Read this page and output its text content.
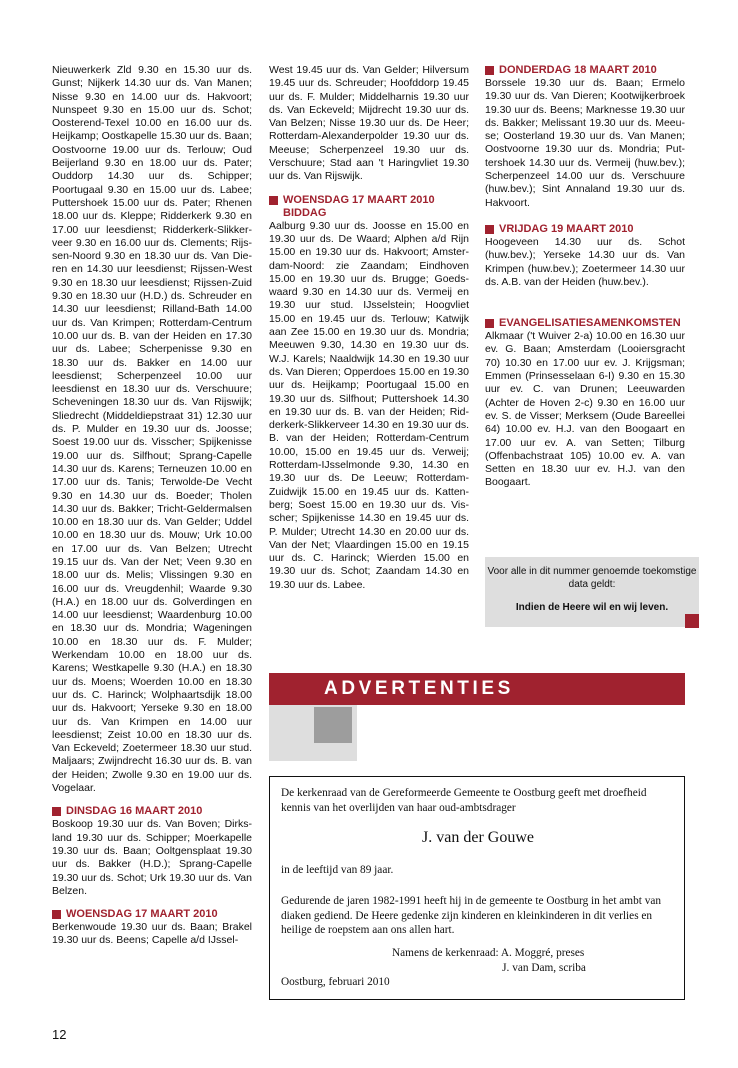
Nieuwerkerk Zld 9.30 en 15.30 uur ds. Gunst; Nijkerk 14.30 uur ds. Van Manen; Nisse 9.30 en 14.00 uur ds. Hakvoort; Nunspeet 9.30 en 15.00 uur ds. Schot; Oosterend-Texel 10.00 en 16.00 uur ds. Heijkamp; Oostkapelle 15.30 uur ds. Baan; Oostvoorne 19.00 uur ds. Terlouw; Oud Beijerland 9.30 en 18.00 uur ds. Pater; Ouddorp 14.30 uur ds. Schipper; Poortugaal 9.30 en 15.00 uur ds. Labee; Puttershoek 15.00 uur ds. Pater; Rhenen 18.00 uur ds. Kleppe; Ridderkerk 9.30 en 17.00 uur leesdienst; Ridderkerk-Slikkerveer 9.30 en 16.00 uur ds. Clements; Rijssen-Noord 9.30 en 18.30 uur ds. Van Dieren en 14.30 uur leesdienst; Rijssen-West 9.30 en 18.30 uur leesdienst; Rijssen-Zuid 9.30 en 18.30 uur (H.D.) ds. Schreuder en 14.30 uur leesdienst; Rilland-Bath 14.00 uur ds. Van Krimpen; Rotterdam-Centrum 10.00 uur ds. B. van der Heiden en 17.30 uur ds. Labee; Scherpenisse 9.30 en 18.30 uur ds. Bakker en 14.00 uur leesdienst; Scherpenzeel 10.00 uur leesdienst en 18.30 uur ds. Verschuure; Scheveningen 18.30 uur ds. Van Rijswijk; Sliedrecht (Middeldiepstraat 31) 12.30 uur ds. P. Mulder en 19.30 uur ds. Joosse; Soest 19.00 uur ds. Visscher; Spijkenisse 19.00 uur ds. Silfhout; Sprang-Capelle 14.30 uur ds. Karens; Terneuzen 10.00 en 17.00 uur ds. Tanis; Terwolde-De Vecht 9.30 en 14.30 uur ds. Boeder; Tholen 14.30 uur ds. Bakker; Tricht-Geldermalsen 10.00 en 18.30 uur ds. Van Gelder; Uddel 10.00 en 18.30 uur ds. Mouw; Urk 10.00 en 17.00 uur ds. Van Belzen; Utrecht 19.15 uur ds. Van der Net; Veen 9.30 en 18.00 uur ds. Melis; Vlissingen 9.30 en 16.00 uur ds. Vreugdenhil; Waarde 9.30 (H.A.) en 18.00 uur ds. Golverdingen en 14.00 uur leesdienst; Waardenburg 10.00 en 18.30 uur ds. Mondria; Wageningen 10.00 en 18.30 uur ds. F. Mulder; Werkendam 10.00 en 18.00 uur ds. Karens; Westkapelle 9.30 (H.A.) en 18.30 uur ds. Moens; Woerden 10.00 en 18.30 uur ds. C. Harinck; Wolphaartsdijk 18.00 uur ds. Hakvoort; Yerseke 9.30 en 18.00 uur ds. Van Krimpen en 14.00 uur leesdienst; Zeist 10.00 en 18.30 uur ds. Van Eckeveld; Zoetermeer 18.30 uur stud. Maljaars; Zwijndrecht 16.30 uur ds. B. van der Heiden; Zwolle 9.30 en 19.00 uur ds. Vogelaar.

DINSDAG 16 MAART 2010

Boskoop 19.30 uur ds. Van Boven; Dirksland 19.30 uur ds. Schipper; Moerkapelle 19.30 uur ds. Baan; Ooltgensplaat 19.30 uur ds. Bakker (H.D.); Sprang-Capelle 19.30 uur ds. Schot; Urk 19.30 uur ds. Van Belzen.

WOENSDAG 17 MAART 2010

Berkenwoude 19.30 uur ds. Baan; Brakel 19.30 uur ds. Beens; Capelle a/d IJssel-

West 19.45 uur ds. Van Gelder; Hilversum 19.45 uur ds. Schreuder; Hoofddorp 19.45 uur ds. F. Mulder; Middelharnis 19.30 uur ds. Van Eckeveld; Mijdrecht 19.30 uur ds. Van Belzen; Nisse 19.30 uur ds. De Heer; Rotterdam-Alexanderpolder 19.30 uur ds. Meeuse; Scherpenzeel 19.30 uur ds. Verschuure; Stad aan 't Haringvliet 19.30 uur ds. Van Rijswijk.

WOENSDAG 17 MAART 2010
BIDDAG

Aalburg 9.30 uur ds. Joosse en 15.00 en 19.30 uur ds. De Waard; Alphen a/d Rijn 15.00 en 19.30 uur ds. Hakvoort; Amsterdam-Noord: zie Zaandam; Eindhoven 15.00 en 19.30 uur ds. Brugge; Goedswaard 9.30 en 14.30 uur ds. Vermeij en 19.30 uur stud. IJsselstein; Hoogvliet 15.00 en 19.45 uur ds. Terlouw; Katwijk aan Zee 15.00 en 19.30 uur ds. Mondria; Meeuwen 9.30, 14.30 en 19.30 uur ds. W.J. Karels; Naaldwijk 14.30 en 19.30 uur ds. Van Dieren; Opperdoes 15.00 en 19.30 uur ds. Heijkamp; Poortugaal 15.00 en 19.30 uur ds. Silfhout; Puttershoek 14.30 en 19.30 uur ds. B. van der Heiden; Ridderkerk-Slikkerveer 14.30 en 19.30 uur ds. B. van der Heiden; Rotterdam-Centrum 10.00, 15.00 en 19.45 uur ds. Verweij; Rotterdam-IJsselmonde 9.30, 14.30 en 19.30 uur ds. De Leeuw; Rotterdam-Zuidwijk 15.00 en 19.45 uur ds. Kattenberg; Soest 15.00 en 19.30 uur ds. Visscher; Spijkenisse 14.30 en 19.45 uur ds. P. Mulder; Utrecht 14.30 en 20.00 uur ds. Van der Net; Vlaardingen 15.00 en 19.15 uur ds. C. Harinck; Wierden 15.00 en 19.30 uur ds. Schot; Zaandam 14.30 en 19.30 uur ds. Labee.

DONDERDAG 18 MAART 2010

Borssele 19.30 uur ds. Baan; Ermelo 19.30 uur ds. Van Dieren; Kootwijkerbroek 19.30 uur ds. Beens; Marknesse 19.30 uur ds. Bakker; Melissant 19.30 uur ds. Meeuse; Oosterland 19.30 uur ds. Van Manen; Oostvoorne 19.30 uur ds. Mondria; Puttershoek 14.30 uur ds. Vermeij (huw.bev.); Scherpenzeel 14.00 uur ds. Verschuure (huw.bev.); Sint Annaland 19.30 uur ds. Hakvoort.

VRIJDAG 19 MAART 2010

Hoogeveen 14.30 uur ds. Schot (huw.bev.); Yerseke 14.30 uur ds. Van Krimpen (huw.bev.); Zoetermeer 14.30 uur ds. A.B. van der Heiden (huw.bev.).

EVANGELISATIESAMENKOMSTEN

Alkmaar ('t Wuiver 2-a) 10.00 en 16.30 uur ev. G. Baan; Amsterdam (Looiersgracht 70) 10.30 en 17.00 uur ev. J. Krijgsman; Emmen (Prinsesselaan 6-I) 9.30 en 15.30 uur ev. C. van Drunen; Leeuwarden (Achter de Hoven 2-c) 9.30 en 16.00 uur ev. S. de Visser; Merksem (Oude Bareellei 64) 10.00 ev. H.J. van den Boogaart en 17.00 uur ev. A. van Setten; Tilburg (Offenbachstraat 105) 10.00 ev. A. van Setten en 18.30 uur ev. H.J. van den Boogaart.

Voor alle in dit nummer genoemde toekomstige data geldt:
Indien de Heere wil en wij leven.
ADVERTENTIES
De kerkenraad van de Gereformeerde Gemeente te Oostburg geeft met droefheid kennis van het overlijden van haar oud-ambtsdrager
J. van der Gouwe
in de leeftijd van 89 jaar.
Gedurende de jaren 1982-1991 heeft hij in de gemeente te Oostburg in het ambt van diaken gediend. De Heere gedenke zijn kinderen en kleinkinderen in dit verlies en heilige de roepstem aan ons allen hart.
Namens de kerkenraad: A. Moggré, preses
J. van Dam, scriba
Oostburg, februari 2010
12
